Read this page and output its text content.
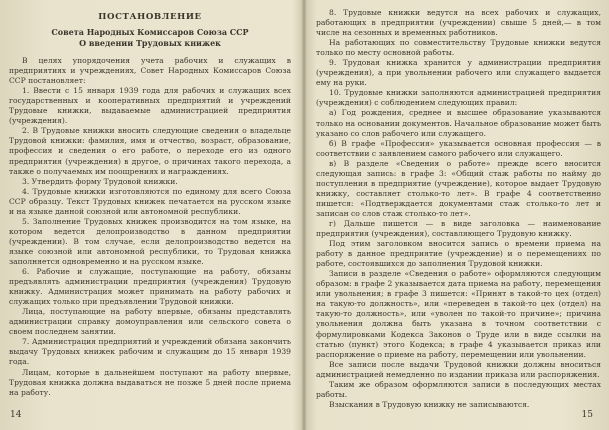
ПОСТАНОВЛЕНИЕ
Совета Народных Комиссаров Союза ССР
О введении Трудовых книжек

В целях упорядочения учета рабочих и служащих в предприятиях и учреждениях, Совет Народных Комиссаров Союза ССР постановляет:

1. Ввести с 15 января 1939 года для рабочих и служащих всех государственных и кооперативных предприятий и учреждений Трудовые книжки, выдаваемые администрацией предприятия (учреждения).

2. В Трудовые книжки вносить следующие сведения о владельце Трудовой книжки: фамилия, имя и отчество, возраст, образование, профессия и сведения о его работе, о переходе его из одного предприятия (учреждения) в другое, о причинах такого перехода, а также о получаемых им поощрениях и награждениях.

3. Утвердить форму Трудовой книжки.

4. Трудовые книжки изготовляются по единому для всего Союза ССР образцу. Текст Трудовых книжек печатается на русском языке и на языке данной союзной или автономной республики.

5. Заполнение Трудовых книжек производится на том языке, на котором ведется делопроизводство в данном предприятии (учреждении). В том случае, если делопроизводство ведется на языке союзной или автономной республики, то Трудовая книжка заполняется одновременно и на русском языке.

6. Рабочие и служащие, поступающие на работу, обязаны предъявлять администрации предприятия (учреждения) Трудовую книжку. Администрация может принимать на работу рабочих и служащих только при предъявлении Трудовой книжки.

Лица, поступающие на работу впервые, обязаны представлять администрации справку домоуправления или сельского совета о своем последнем занятии.

7. Администрация предприятий и учреждений обязана закончить выдачу Трудовых книжек рабочим и служащим до 15 января 1939 года.

Лицам, которые в дальнейшем поступают на работу впервые, Трудовая книжка должна выдаваться не позже 5 дней после приема на работу.

14

8. Трудовые книжки ведутся на всех рабочих и служащих, работающих в предприятии (учреждении) свыше 5 дней,— в том числе на сезонных и временных работников.

На работающих по совместительству Трудовые книжки ведутся только по месту основной работы.

9. Трудовая книжка хранится у администрации предприятия (учреждения), а при увольнении рабочего или служащего выдается ему на руки.

10. Трудовые книжки заполняются администрацией предприятия (учреждения) с соблюдением следующих правил:

а) Год рождения, среднее и высшее образование указываются только на основании документов. Начальное образование может быть указано со слов рабочего или служащего.

б) В графе «Профессия» указывается основная профессия — в соответствии с заявлением самого рабочего или служащего.

в) В разделе «Сведения о работе» прежде всего вносится следующая запись: в графе 3: «Общий стаж работы по найму до поступления в предприятие (учреждение), которое выдает Трудовую книжку, составляет столько-то лет». В графе 4 соответственно пишется: «Подтверждается документами стаж столько-то лет и записан со слов стаж столько-то лет».

г) Дальше пишется — в виде заголовка — наименование предприятия (учреждения), составляющего Трудовую книжку.

Под этим заголовком вносится запись о времени приема на работу в данное предприятие (учреждение) и о перемещениях по работе, состоявшихся до заполнения Трудовой книжки.

Записи в разделе «Сведения о работе» оформляются следующим образом: в графе 2 указывается дата приема на работу, перемещения или увольнения; в графе 3 пишется: «Принят в такой-то цех (отдел) на такую-то должность», или «переведен в такой-то цех (отдел) на такую-то должность», или «уволен по такой-то причине»; причина увольнения должна быть указана в точном соответствии с формулировками Кодекса Законов о Труде или в виде ссылки на статью (пункт) этого Кодекса; в графе 4 указывается приказ или распоряжение о приеме на работу, перемещении или увольнении.

Все записи после выдачи Трудовой книжки должны вноситься администрацией немедленно по издании приказа или распоряжения.

Таким же образом оформляются записи в последующих местах работы.

Взыскания в Трудовую книжку не записываются.

15
